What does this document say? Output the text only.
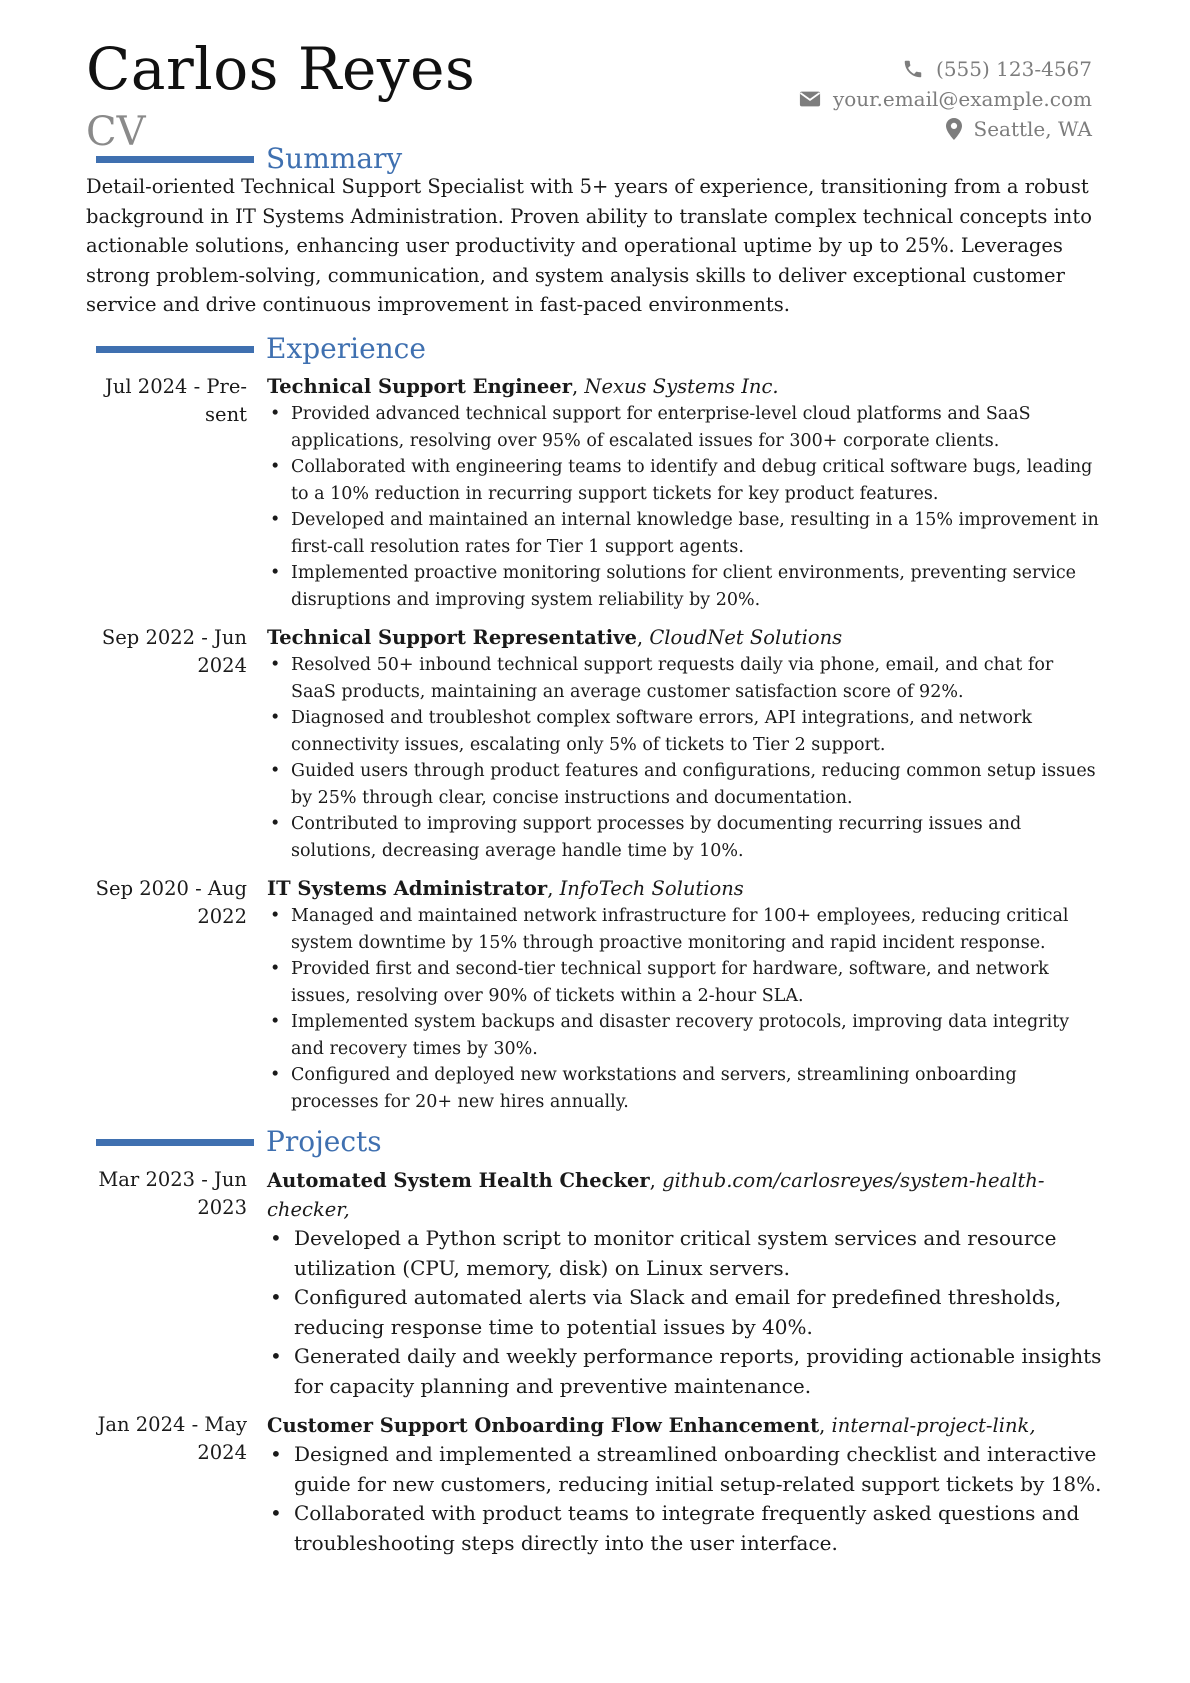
Carlos Reyes
CV
(555) 123-4567
your.email@example.com
Seattle, WA
Summary
Detail-oriented Technical Support Specialist with 5+ years of experience, transitioning from a robust background in IT Systems Administration. Proven ability to translate complex technical concepts into actionable solutions, enhancing user productivity and operational uptime by up to 25%. Leverages strong problem-solving, communication, and system analysis skills to deliver exceptional customer service and drive continuous improvement in fast-paced environments.
Experience
Jul 2024 - Pre-
sent
Technical Support Engineer, Nexus Systems Inc.
• Provided advanced technical support for enterprise-level cloud platforms and SaaS applications, resolving over 95% of escalated issues for 300+ corporate clients.
• Collaborated with engineering teams to identify and debug critical software bugs, leading to a 10% reduction in recurring support tickets for key product features.
• Developed and maintained an internal knowledge base, resulting in a 15% improvement in first-call resolution rates for Tier 1 support agents.
• Implemented proactive monitoring solutions for client environments, preventing service disruptions and improving system reliability by 20%.
Sep 2022 - Jun
2024
Technical Support Representative, CloudNet Solutions
• Resolved 50+ inbound technical support requests daily via phone, email, and chat for SaaS products, maintaining an average customer satisfaction score of 92%.
• Diagnosed and troubleshot complex software errors, API integrations, and network connectivity issues, escalating only 5% of tickets to Tier 2 support.
• Guided users through product features and configurations, reducing common setup issues by 25% through clear, concise instructions and documentation.
• Contributed to improving support processes by documenting recurring issues and solutions, decreasing average handle time by 10%.
Sep 2020 - Aug
2022
IT Systems Administrator, InfoTech Solutions
• Managed and maintained network infrastructure for 100+ employees, reducing critical system downtime by 15% through proactive monitoring and rapid incident response.
• Provided first and second-tier technical support for hardware, software, and network issues, resolving over 90% of tickets within a 2-hour SLA.
• Implemented system backups and disaster recovery protocols, improving data integrity and recovery times by 30%.
• Configured and deployed new workstations and servers, streamlining onboarding processes for 20+ new hires annually.
Projects
Mar 2023 - Jun
2023
Automated System Health Checker, github.com/carlosreyes/system-health-checker,
• Developed a Python script to monitor critical system services and resource utilization (CPU, memory, disk) on Linux servers.
• Configured automated alerts via Slack and email for predefined thresholds, reducing response time to potential issues by 40%.
• Generated daily and weekly performance reports, providing actionable insights for capacity planning and preventive maintenance.
Jan 2024 - May
2024
Customer Support Onboarding Flow Enhancement, internal-project-link,
• Designed and implemented a streamlined onboarding checklist and interactive guide for new customers, reducing initial setup-related support tickets by 18%.
• Collaborated with product teams to integrate frequently asked questions and troubleshooting steps directly into the user interface.
